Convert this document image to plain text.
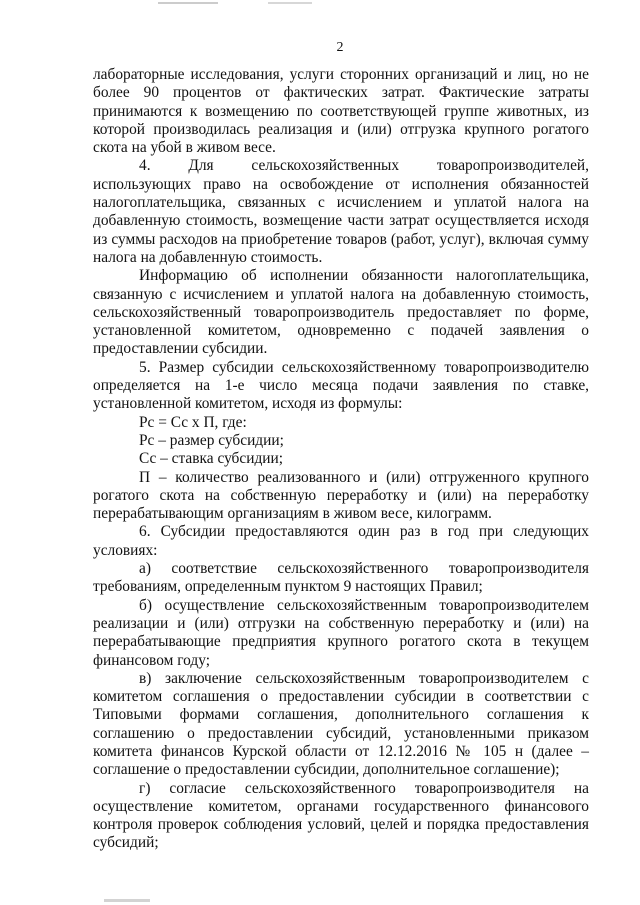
2

лабораторные исследования, услуги сторонних организаций и лиц, но не более 90 процентов от фактических затрат. Фактические затраты принимаются к возмещению по соответствующей группе животных, из которой производилась реализация и (или) отгрузка крупного рогатого скота на убой в живом весе.

4. Для сельскохозяйственных товаропроизводителей, использующих право на освобождение от исполнения обязанностей налогоплательщика, связанных с исчислением и уплатой налога на добавленную стоимость, возмещение части затрат осуществляется исходя из суммы расходов на приобретение товаров (работ, услуг), включая сумму налога на добавленную стоимость.

Информацию об исполнении обязанности налогоплательщика, связанную с исчислением и уплатой налога на добавленную стоимость, сельскохозяйственный товаропроизводитель предоставляет по форме, установленной комитетом, одновременно с подачей заявления о предоставлении субсидии.

5. Размер субсидии сельскохозяйственному товаропроизводителю определяется на 1-е число месяца подачи заявления по ставке, установленной комитетом, исходя из формулы:

Рс = Сс х П, где:

Рс – размер субсидии;

Сс – ставка субсидии;

П – количество реализованного и (или) отгруженного крупного рогатого скота на собственную переработку и (или) на переработку перерабатывающим организациям в живом весе, килограмм.

6. Субсидии предоставляются один раз в год при следующих условиях:

а) соответствие сельскохозяйственного товаропроизводителя требованиям, определенным пунктом 9 настоящих Правил;

б) осуществление сельскохозяйственным товаропроизводителем реализации и (или) отгрузки на собственную переработку и (или) на перерабатывающие предприятия крупного рогатого скота в текущем финансовом году;

в) заключение сельскохозяйственным товаропроизводителем с комитетом соглашения о предоставлении субсидии в соответствии с Типовыми формами соглашения, дополнительного соглашения к соглашению о предоставлении субсидий, установленными приказом комитета финансов Курской области от 12.12.2016 № 105 н (далее – соглашение о предоставлении субсидии, дополнительное соглашение);

г) согласие сельскохозяйственного товаропроизводителя на осуществление комитетом, органами государственного финансового контроля проверок соблюдения условий, целей и порядка предоставления субсидий;
